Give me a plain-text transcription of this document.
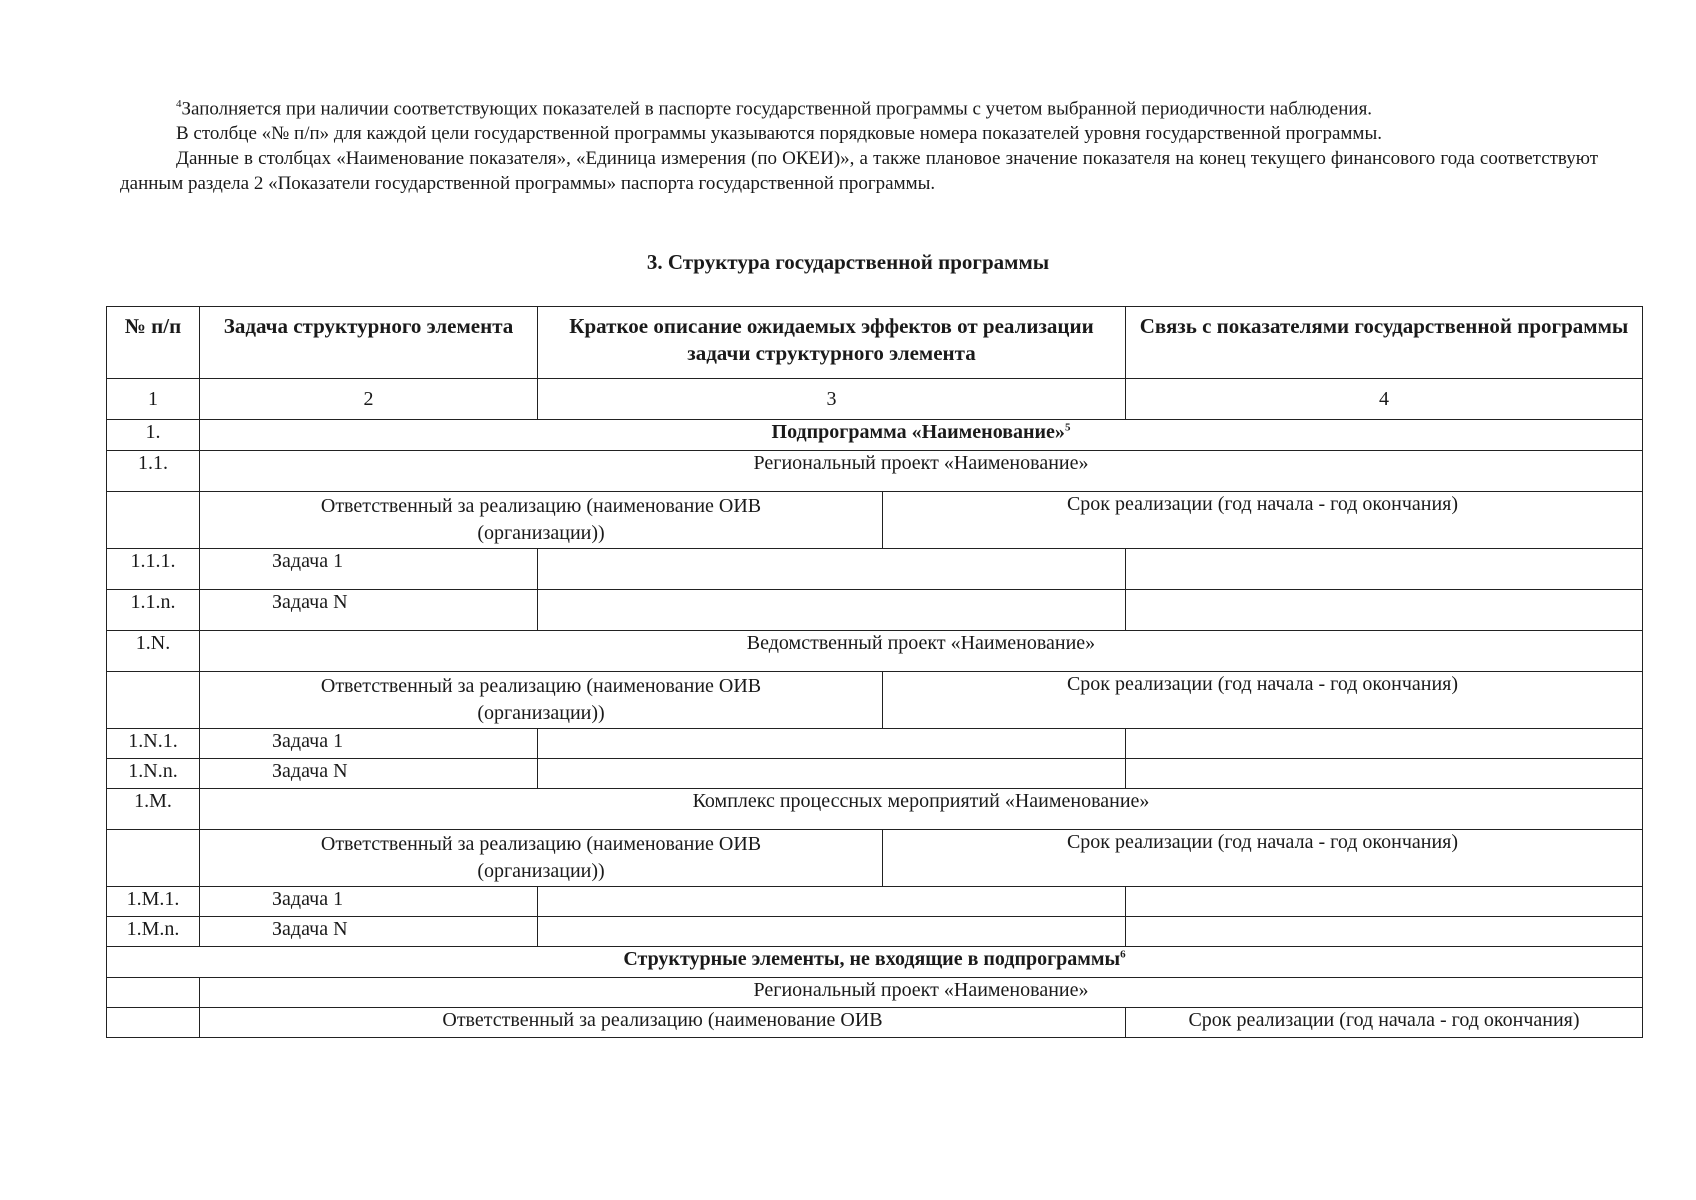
$^4$Заполняется при наличии соответствующих показателей в паспорте государственной программы с учетом выбранной периодичности наблюдения.

В столбце «№ п/п» для каждой цели государственной программы указываются порядковые номера показателей уровня государственной программы.

Данные в столбцах «Наименование показателя», «Единица измерения (по ОКЕИ)», а также плановое значение показателя на конец текущего финансового года соответствуют данным раздела 2 «Показатели государственной программы» паспорта государственной программы.

3. Структура государственной программы
№ п/п	Задача структурного элемента	Краткое описание ожидаемых эффектов от реализации задачи структурного элемента		Связь с показателями государственной программы
1	2	3		4
1.	Подпрограмма «Наименование»$^5$
1.1.	Региональный проект «Наименование»			
	Ответственный за реализацию (наименование ОИВ
(организации))		Срок реализации (год начала - год окончания)	
1.1.1.	Задача 1			
1.1.n.	Задача N			
1.N.	Ведомственный проект «Наименование»			
	Ответственный за реализацию (наименование ОИВ
(организации))		Срок реализации (год начала - год окончания)	
1.N.1.	Задача 1			
1.N.n.	Задача N			
1.M.	Комплекс процессных мероприятий «Наименование»			
	Ответственный за реализацию (наименование ОИВ
(организации))		Срок реализации (год начала - год окончания)	
1.M.1.	Задача 1			
1.M.n.	Задача N			
Структурные элементы, не входящие в подпрограммы$^6$
	Региональный проект «Наименование»			
	Ответственный за реализацию (наименование ОИВ			Срок реализации (год начала - год окончания)
